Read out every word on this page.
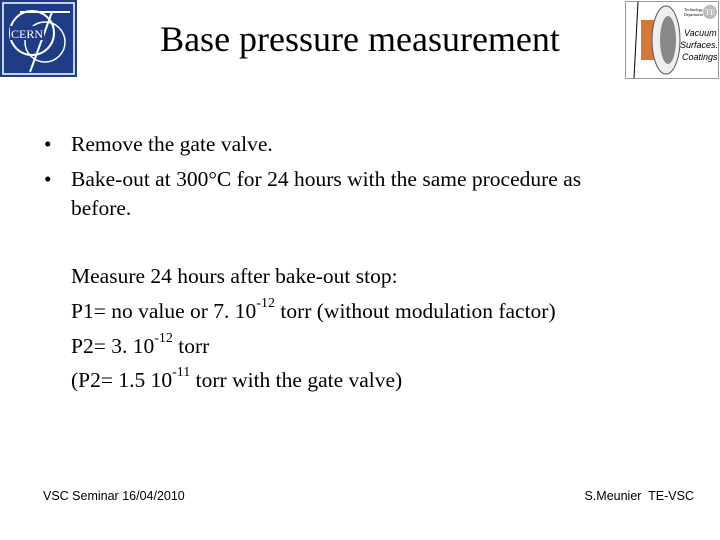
CERN
TE
Technology
Department
Vacuum
Surfaces.
Coatings
Base pressure measurement
• Remove the gate valve.
• Bake-out at 300°C for 24 hours with the same procedure as
before.
Measure 24 hours after bake-out stop:
P1= no value or 7. $10^{-12}$ torr (without modulation factor)
P2= 3. $10^{-12}$ torr
(P2= 1.5 $10^{-11}$ torr with the gate valve)
VSC Seminar 16/04/2010	S.Meunier  TE-VSC
